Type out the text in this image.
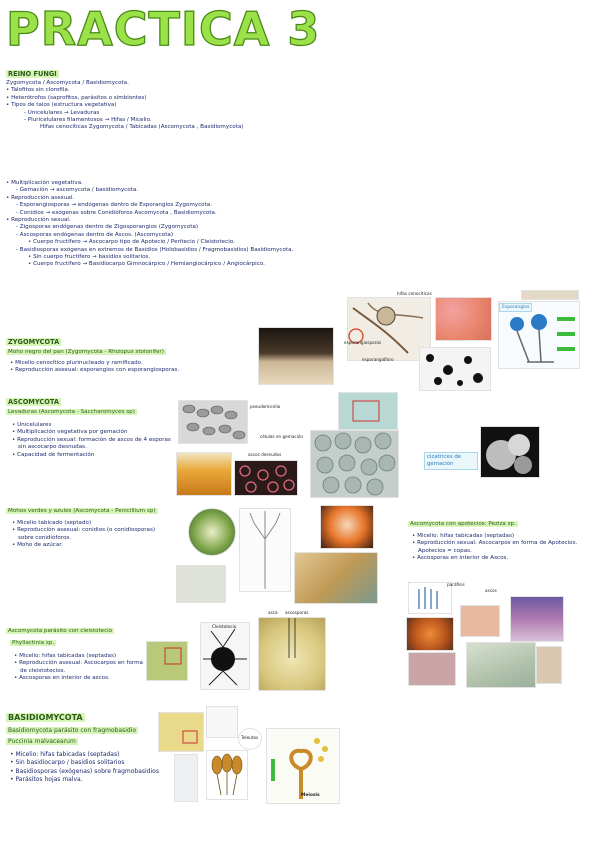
PRACTICA 3
REINO FUNGI
Zygomycota / Ascomycota / Basidiomycota.
• Talofitos sin clorofila.
• Heterótrofos (saprofitos, parásitos o simbiontes)
• Tipos de talos (estructura vegetativa)
- Unicelulares → Levaduras
- Pluricelulares filamentosos → Hifas / Micelio.
Hifas cenocíticas Zygomycota / Tabicadas (Ascomycota , Basidiomycota)
• Multiplicación vegetativa.
- Gemación → ascomycota / basidiomycota.
• Reproducción asexual.
- Esporangiosporas → endógenas dentro de Esporangios Zygomycota.
- Conidios → exógenas sobre Conidióforos Ascomycota , Basidiomycota.
• Reproducción sexual.
- Zigosporas endógenas dentro de Zigosporangios (Zygomycota)
- Ascosporas endógenas dentro de Ascos. (Ascomycota)
• Cuerpo fructífero → Ascocarpo tipo de Apotecio / Peritecio / Cleistotecio.
- Basidiosporas exógenas en extremos de Basidios (Holobasidios / Fragmobasidios) Basidiomycota.
• Sin cuerpo fructífero → basidios solitarios.
• Cuerpo fructífero → Basidiocarpo Gimnocárpico / Hemiangiocárpico / Angiocárpico.
ZYGOMYCOTA
Moho negro del pan (Zygomycota - Rhizopus stolonifer)
• Micelio cenocítico plurinucleado y ramificado.
• Reproducción asexual: esporangios con esporangiosporas.
hifas cenocíticas
esporangiosporas
esporangióforo
Esporangios
ASCOMYCOTA
Levaduras (Ascomycota - Saccharomyces sp)
• Unicelulares
• Multiplicación vegetativa por gemación
• Reproducción sexual: formación de ascos de 4 esporas
sin ascocarpo desnudas.
• Capacidad de fermentación
pseudomicelio
células en gemación
ascos desnudos	cicatrices de gemación
Mohos verdes y azules (Ascomycota - Penicillium sp)
• Micelio tabicado (septado)
• Reproducción asexual: conidios (o conidiosporas)
sobre conidióforos.
• Moho de azúcar.
Ascomycota con apotecios: Peziza sp.
• Micelio: hifas tabicadas (septadas)
• Reproducción sexual: Ascocarpos en forma de Apotecios.
Apotecios = copas.
• Ascosporas en interior de Ascos.
paráfisis
ascos
Ascomycota parásito con cleistotecio
Phyllactinia sp.
• Micelio: hifas tabicadas (septadas)
• Reproducción asexual: Ascocarpos en forma
de cleistotecios.
• Ascosporas en interior de ascos.
Cleistotecio
asca ascosporas
BASIDIOMYCOTA
Basidiomycota parásito con fragmobasidio
Puccinia malvacearum
• Micelio: hifas tabicadas (septadas)
• Sin basidiocarpo / basidios solitarios
• Basidiosporas (exógenas) sobre fragmobasidios
• Parásitos hojas malva.
Teleutos
Meiosis
